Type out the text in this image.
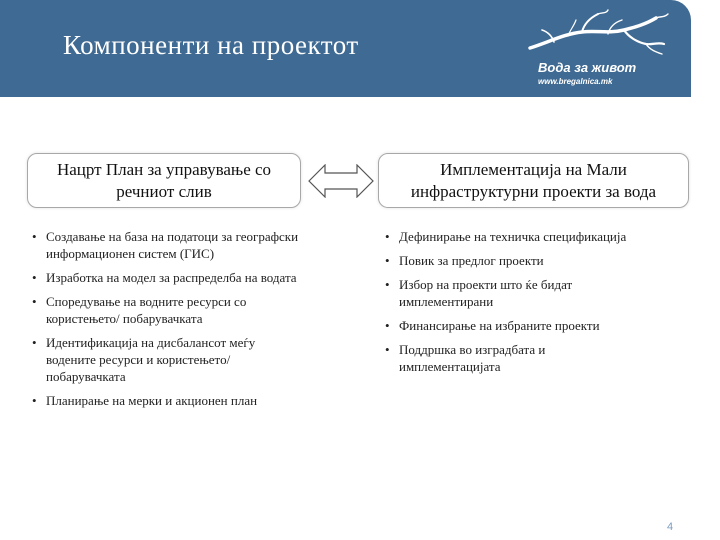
Компоненти на проектот
Вода за живот
www.bregalnica.mk
Нацрт План за управување со речниот слив
Имплементација на Мали инфраструктурни проекти за вода
• Создавање на база на податоци за географски информационен систем (ГИС)
• Изработка на модел за распределба на водата
• Споредување на водните ресурси со користењето/ побарувачката
• Идентификација на дисбалансот меѓу водените ресурси и користењето/побарувачката
• Планирање на мерки и акционен план
• Дефинирање на техничка спецификација
• Повик за предлог проекти
• Избор на проекти што ќе бидат имплементирани
• Финансирање на избраните проекти
• Поддршка во изградбата и имплементацијата
4
